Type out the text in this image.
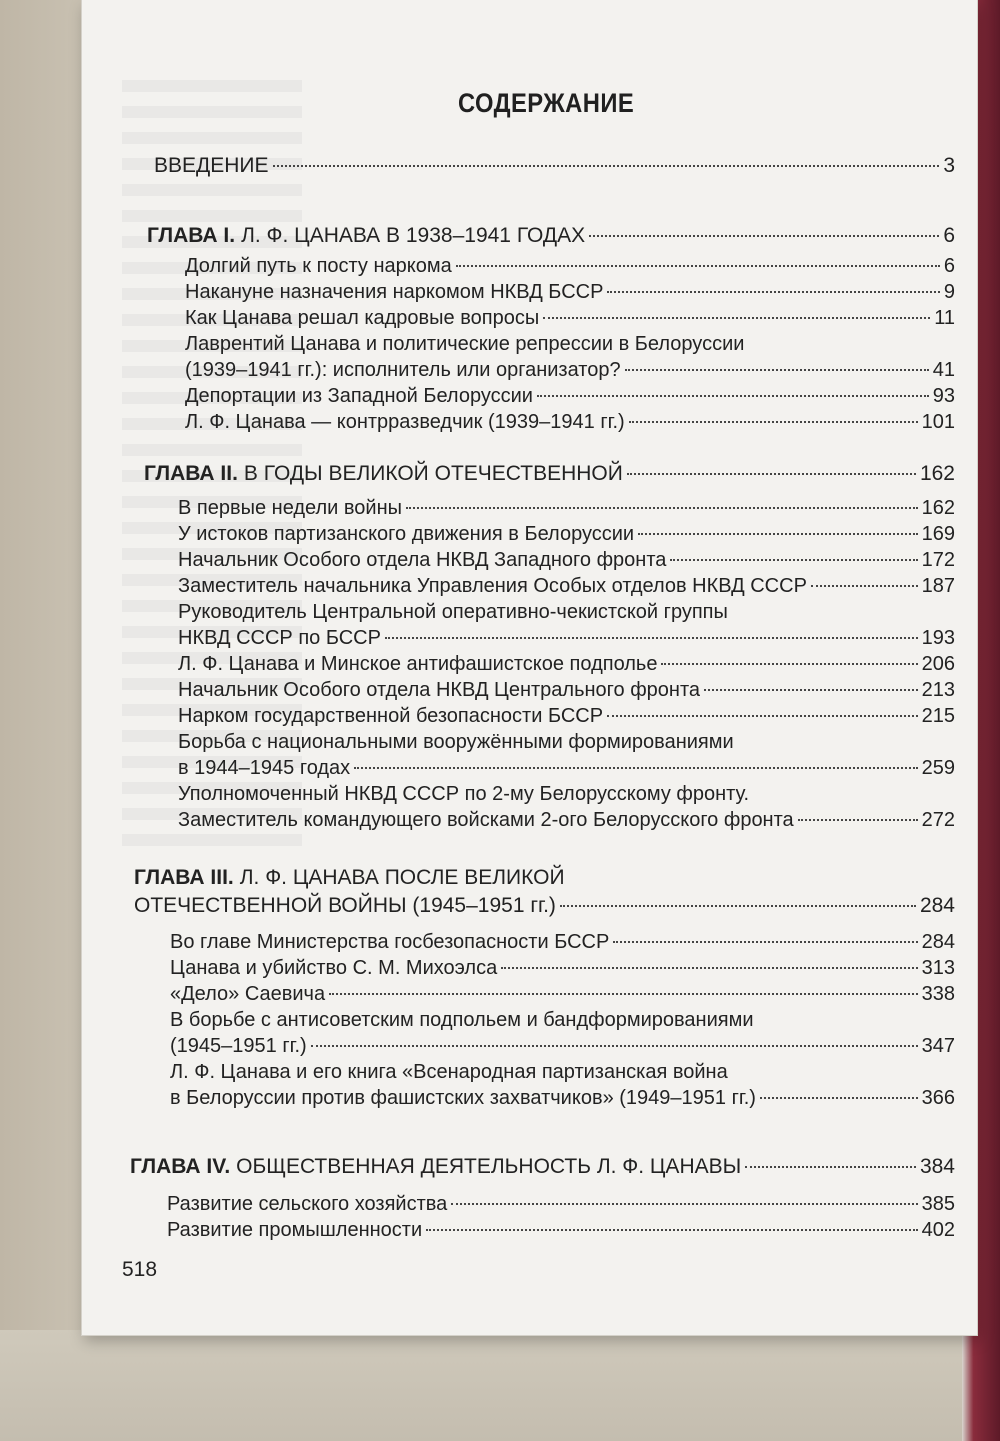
СОДЕРЖАНИЕ
ВВЕДЕНИЕ	3
ГЛАВА I. Л. Ф. ЦАНАВА В 1938–1941 ГОДАХ	6
Долгий путь к посту наркома	6
Накануне назначения наркомом НКВД БССР	9
Как Цанава решал кадровые вопросы	11
Лаврентий Цанава и политические репрессии в Белоруссии
(1939–1941 гг.): исполнитель или организатор?	41
Депортации из Западной Белоруссии	93
Л. Ф. Цанава — контрразведчик (1939–1941 гг.)	101
ГЛАВА II. В ГОДЫ ВЕЛИКОЙ ОТЕЧЕСТВЕННОЙ	162
В первые недели войны	162
У истоков партизанского движения в Белоруссии	169
Начальник Особого отдела НКВД Западного фронта	172
Заместитель начальника Управления Особых отделов НКВД СССР	187
Руководитель Центральной оперативно-чекистской группы
НКВД СССР по БССР	193
Л. Ф. Цанава и Минское антифашистское подполье	206
Начальник Особого отдела НКВД Центрального фронта	213
Нарком государственной безопасности БССР	215
Борьба с национальными вооружёнными формированиями
в 1944–1945 годах	259
Уполномоченный НКВД СССР по 2-му Белорусскому фронту.
Заместитель командующего войсками 2-ого Белорусского фронта	272
ГЛАВА III. Л. Ф. ЦАНАВА ПОСЛЕ ВЕЛИКОЙ
ОТЕЧЕСТВЕННОЙ ВОЙНЫ (1945–1951 гг.)	284
Во главе Министерства госбезопасности БССР	284
Цанава и убийство С. М. Михоэлса	313
«Дело» Саевича	338
В борьбе с антисоветским подпольем и бандформированиями
(1945–1951 гг.)	347
Л. Ф. Цанава и его книга «Всенародная партизанская война
в Белоруссии против фашистских захватчиков» (1949–1951 гг.)	366
ГЛАВА IV. ОБЩЕСТВЕННАЯ ДЕЯТЕЛЬНОСТЬ Л. Ф. ЦАНАВЫ	384
Развитие сельского хозяйства	385
Развитие промышленности	402
518
